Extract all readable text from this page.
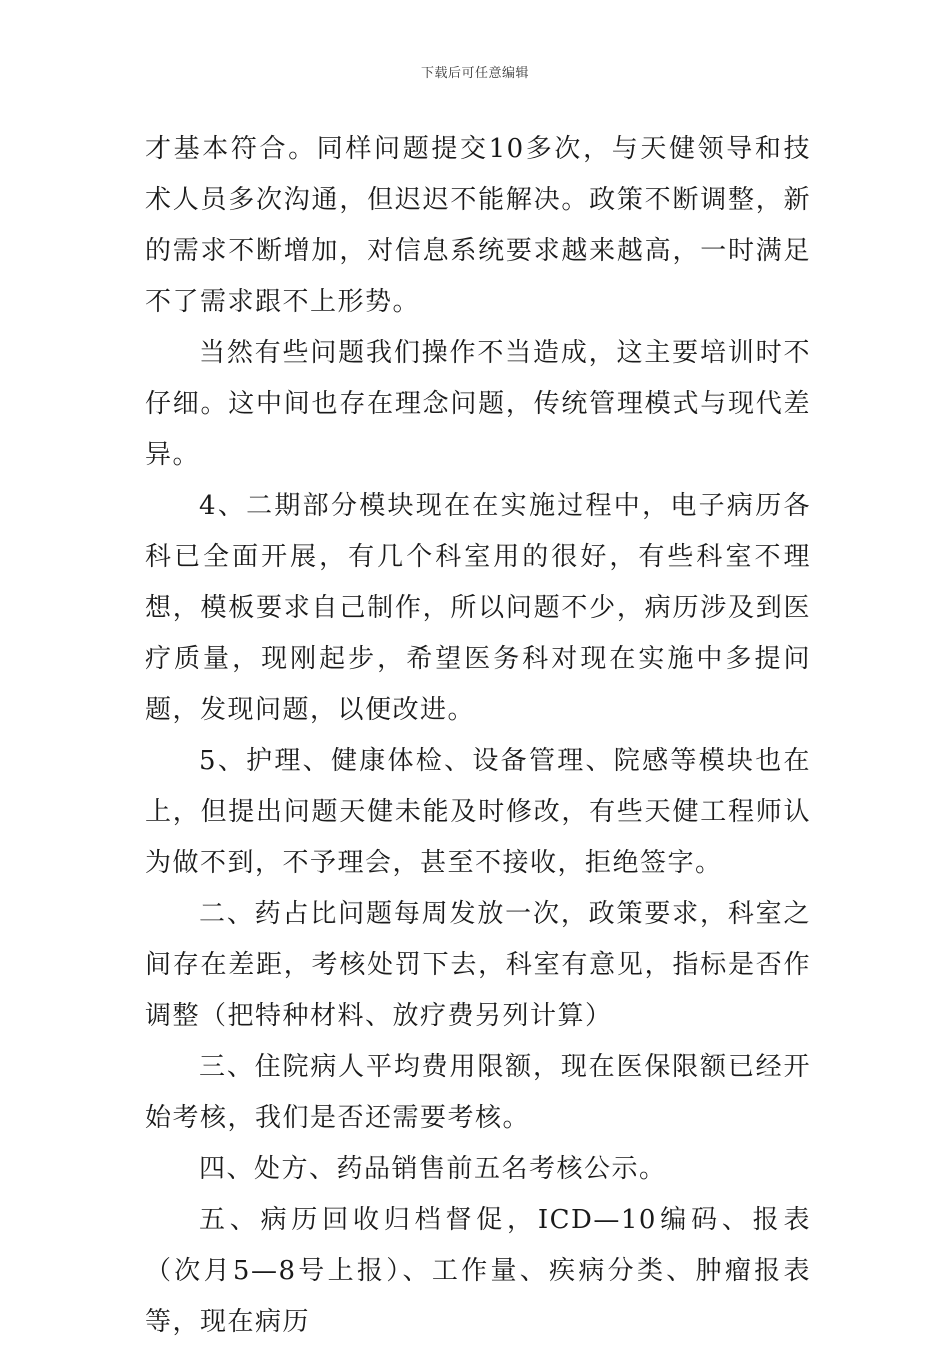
下载后可任意编辑

才基本符合。同样问题提交10多次，与天健领导和技术人员多次沟通，但迟迟不能解决。政策不断调整，新的需求不断增加，对信息系统要求越来越高，一时满足不了需求跟不上形势。

当然有些问题我们操作不当造成，这主要培训时不仔细。这中间也存在理念问题，传统管理模式与现代差异。

4、二期部分模块现在在实施过程中，电子病历各科已全面开展，有几个科室用的很好，有些科室不理想，模板要求自己制作，所以问题不少，病历涉及到医疗质量，现刚起步，希望医务科对现在实施中多提问题，发现问题，以便改进。

5、护理、健康体检、设备管理、院感等模块也在上，但提出问题天健未能及时修改，有些天健工程师认为做不到，不予理会，甚至不接收，拒绝签字。

二、药占比问题每周发放一次，政策要求，科室之间存在差距，考核处罚下去，科室有意见，指标是否作调整（把特种材料、放疗费另列计算）

三、住院病人平均费用限额，现在医保限额已经开始考核，我们是否还需要考核。

四、处方、药品销售前五名考核公示。

五、病历回收归档督促，ICD—10编码、报表（次月5—8号上报）、工作量、疾病分类、肿瘤报表等，现在病历
